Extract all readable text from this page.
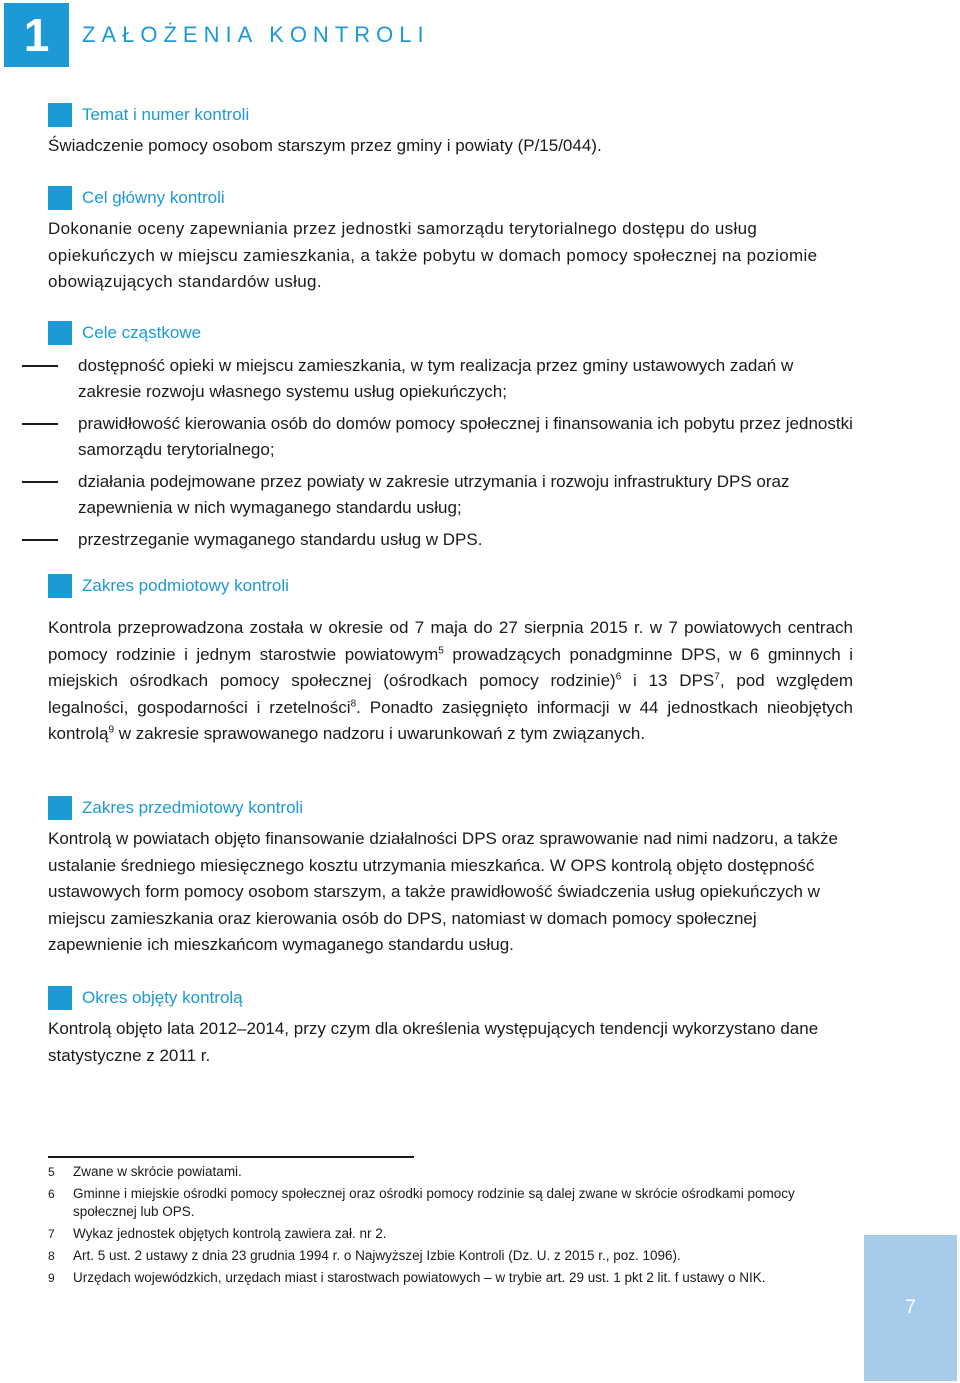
1 ZAŁOŻENIA KONTROLI
Temat i numer kontroli

Świadczenie pomocy osobom starszym przez gminy i powiaty (P/15/044).

Cel główny kontroli

Dokonanie oceny zapewniania przez jednostki samorządu terytorialnego dostępu do usług opiekuńczych w miejscu zamieszkania, a także pobytu w domach pomocy społecznej na poziomie obowiązujących standardów usług.

Cele cząstkowe
dostępność opieki w miejscu zamieszkania, w tym realizacja przez gminy ustawowych zadań w zakresie rozwoju własnego systemu usług opiekuńczych;
prawidłowość kierowania osób do domów pomocy społecznej i finansowania ich pobytu przez jednostki samorządu terytorialnego;
działania podejmowane przez powiaty w zakresie utrzymania i rozwoju infrastruktury DPS oraz zapewnienia w nich wymaganego standardu usług;
przestrzeganie wymaganego standardu usług w DPS.
Zakres podmiotowy kontroli

Kontrola przeprowadzona została w okresie od 7 maja do 27 sierpnia 2015 r. w 7 powiatowych centrach pomocy rodzinie i jednym starostwie powiatowym$^5$ prowadzących ponadgminne DPS, w 6 gminnych i miejskich ośrodkach pomocy społecznej (ośrodkach pomocy rodzinie)$^6$ i 13 DPS$^7$, pod względem legalności, gospodarności i rzetelności$^8$. Ponadto zasięgnięto informacji w 44 jednostkach nieobjętych kontrolą$^9$ w zakresie sprawowanego nadzoru i uwarunkowań z tym związanych.

Zakres przedmiotowy kontroli

Kontrolą w powiatach objęto finansowanie działalności DPS oraz sprawowanie nad nimi nadzoru, a także ustalanie średniego miesięcznego kosztu utrzymania mieszkańca. W OPS kontrolą objęto dostępność ustawowych form pomocy osobom starszym, a także prawidłowość świadczenia usług opiekuńczych w miejscu zamieszkania oraz kierowania osób do DPS, natomiast w domach pomocy społecznej zapewnienie ich mieszkańcom wymaganego standardu usług.

Okres objęty kontrolą

Kontrolą objęto lata 2012–2014, przy czym dla określenia występujących tendencji wykorzystano dane statystyczne z 2011 r.

5 Zwane w skrócie powiatami.
6 Gminne i miejskie ośrodki pomocy społecznej oraz ośrodki pomocy rodzinie są dalej zwane w skrócie ośrodkami pomocy społecznej lub OPS.
7 Wykaz jednostek objętych kontrolą zawiera zał. nr 2.
8 Art. 5 ust. 2 ustawy z dnia 23 grudnia 1994 r. o Najwyższej Izbie Kontroli (Dz. U. z 2015 r., poz. 1096).
9 Urzędach wojewódzkich, urzędach miast i starostwach powiatowych – w trybie art. 29 ust. 1 pkt 2 lit. f ustawy o NIK.
7
